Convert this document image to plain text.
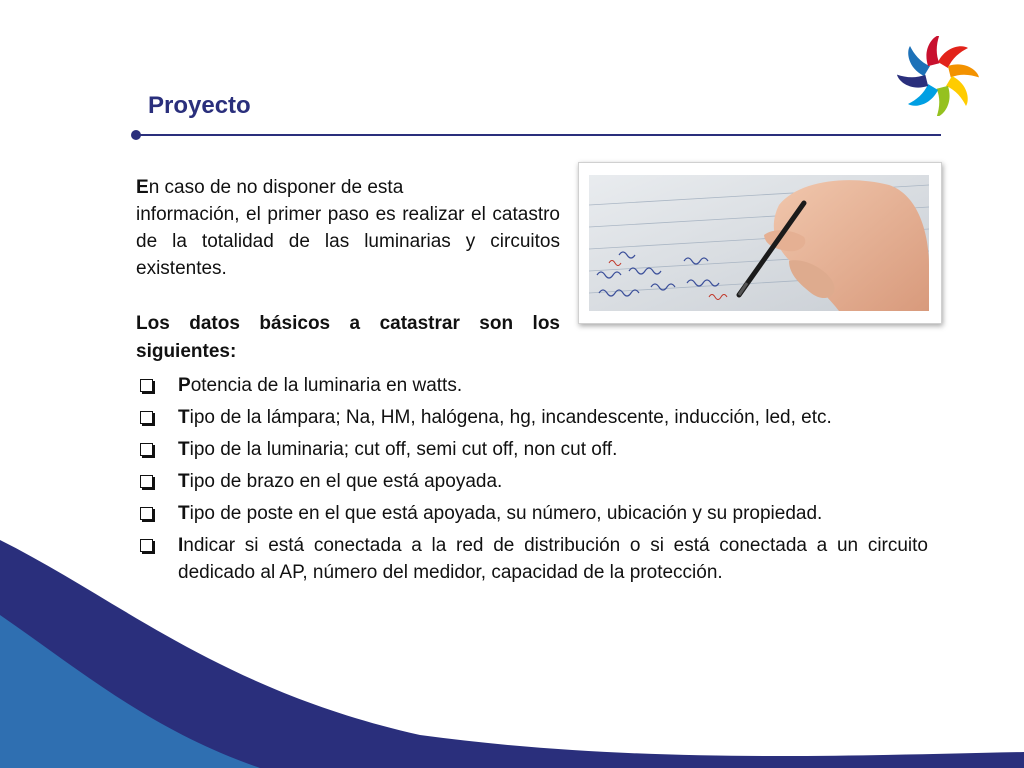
Proyecto
En caso de no disponer de esta
información, el primer paso es realizar el catastro de la totalidad de las luminarias y circuitos existentes.

Los datos básicos a catastrar son los siguientes:

Potencia de la luminaria en watts.
Tipo de la lámpara; Na, HM, halógena, hg, incandescente, inducción, led, etc.
Tipo de la luminaria; cut off, semi cut off, non cut off.
Tipo de brazo en el que está apoyada.
Tipo de poste en el que está apoyada, su número, ubicación y su propiedad.
Indicar si está conectada a la red de distribución o si está conectada a un circuito dedicado al AP, número del medidor, capacidad de la protección.
